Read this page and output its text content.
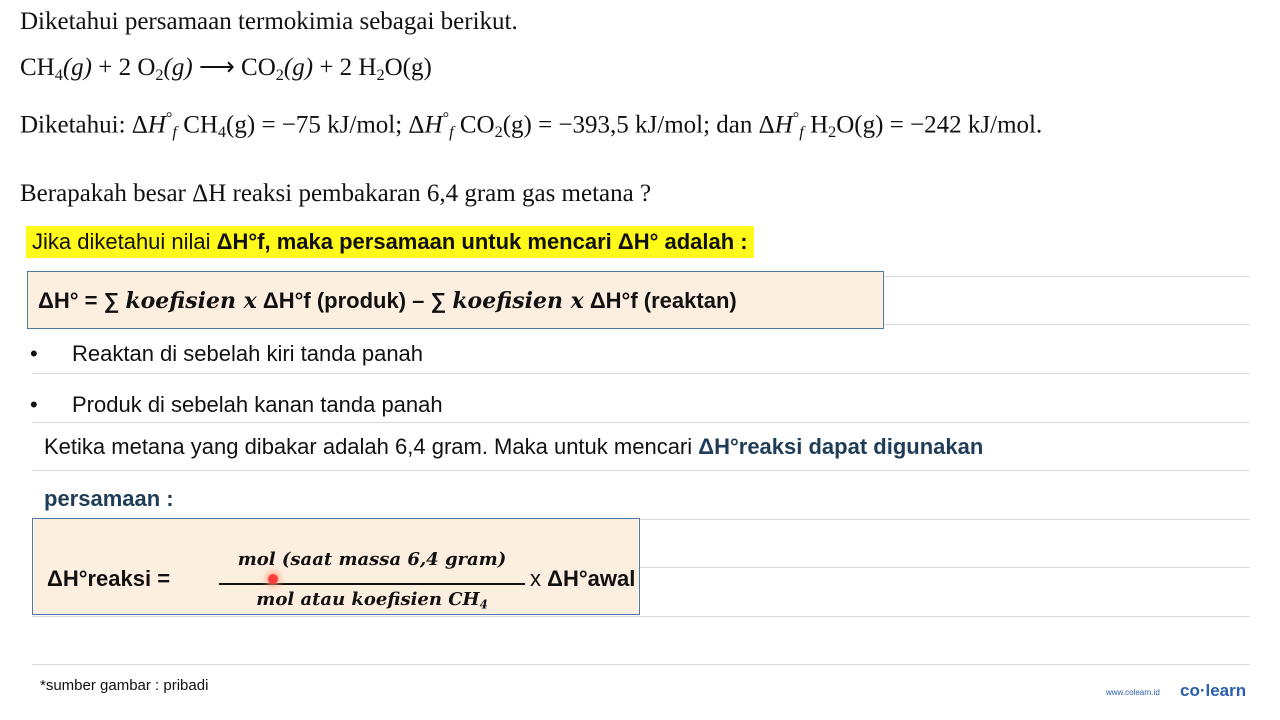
Diketahui persamaan termokimia sebagai berikut.
$CH_4(g) + 2$ $O_2(g)$ ⟶ $CO_2(g) + 2$ $H_2O(g)$
Diketahui: $\Delta H^\circ_f$ $CH_4(g) = -75$ kJ/mol; $\Delta H^\circ_f$ $CO_2(g) = -393,5$ kJ/mol; dan $\Delta H^\circ_f$ $H_2O(g) = -242$ kJ/mol.
Berapakah besar ΔH reaksi pembakaran 6,4 gram gas metana ?
Jika diketahui nilai ΔH°f, maka persamaan untuk mencari ΔH° adalah :
ΔH° = ∑ koefisien x ΔH°f (produk) – ∑ koefisien x ΔH°f (reaktan)
• Reaktan di sebelah kiri tanda panah
• Produk di sebelah kanan tanda panah
Ketika metana yang dibakar adalah 6,4 gram. Maka untuk mencari ΔH°reaksi dapat digunakan
persamaan :
ΔH°reaksi =
mol (saat massa 6,4 gram)
mol atau koefisien $CH_4$
x ΔH°awal
*sumber gambar : pribadi	www.colearn.id co·learn
